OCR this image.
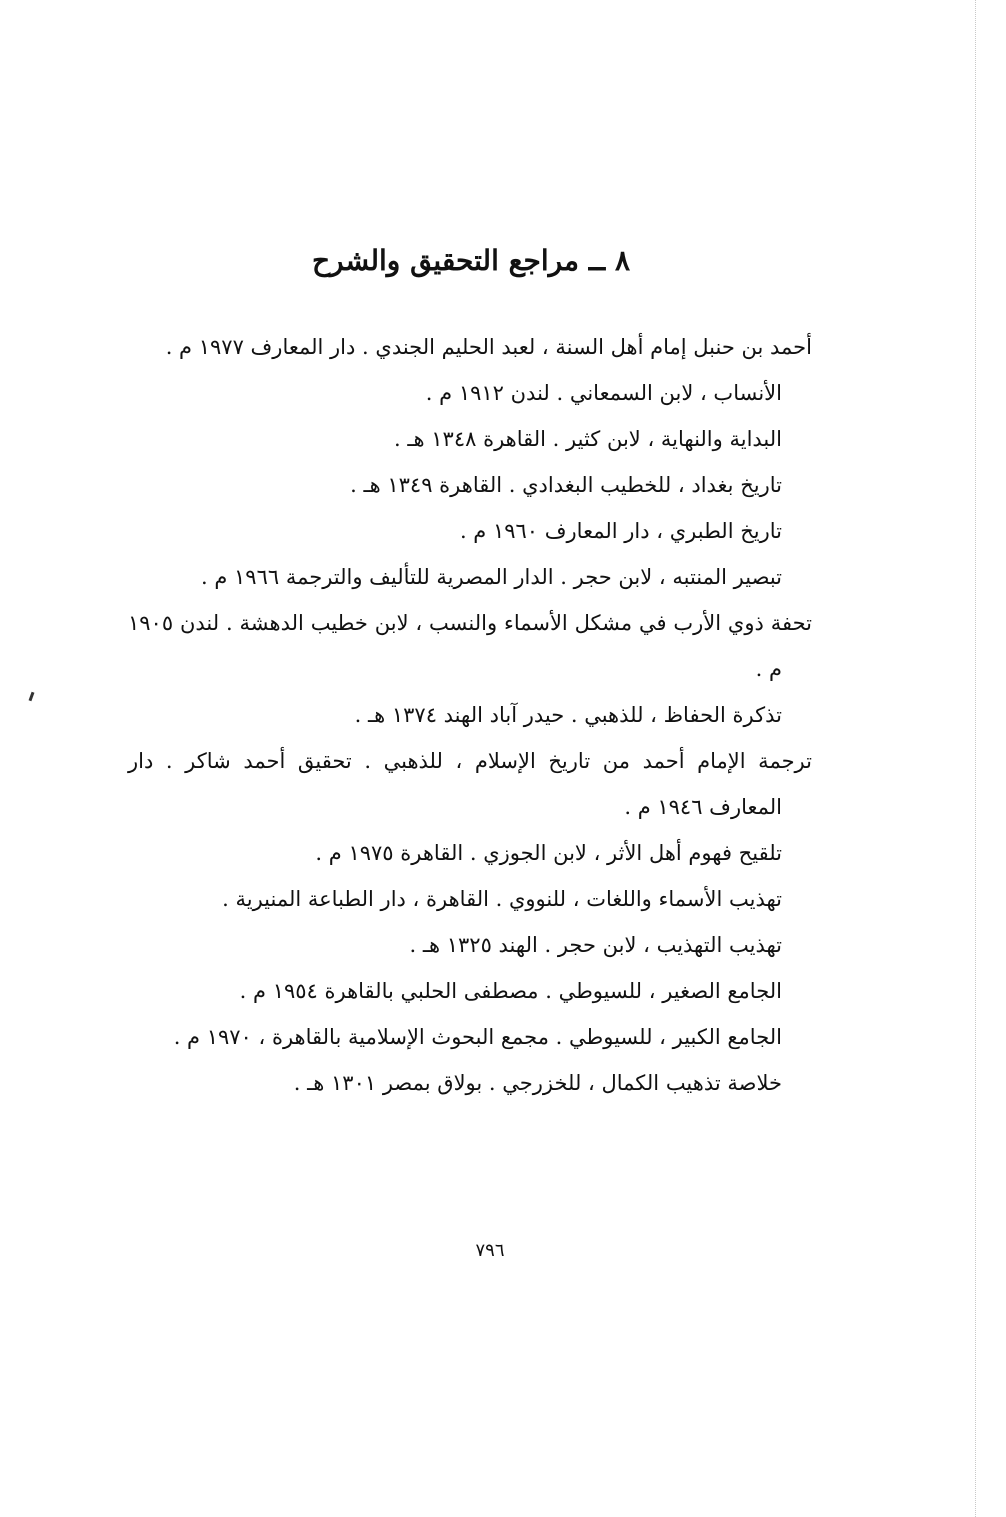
٨ ــ مراجع التحقيق والشرح

أحمد بن حنبل إمام أهل السنة ، لعبد الحليم الجندي . دار المعارف ١٩٧٧ م .

الأنساب ، لابن السمعاني . لندن ١٩١٢ م .

البداية والنهاية ، لابن كثير . القاهرة ١٣٤٨ هـ .

تاريخ بغداد ، للخطيب البغدادي . القاهرة ١٣٤٩ هـ .

تاريخ الطبري ، دار المعارف ١٩٦٠ م .

تبصير المنتبه ، لابن حجر . الدار المصرية للتأليف والترجمة ١٩٦٦ م .

تحفة ذوي الأرب في مشكل الأسماء والنسب ، لابن خطيب الدهشة . لندن ١٩٠٥ م .

تذكرة الحفاظ ، للذهبي . حيدر آباد الهند ١٣٧٤ هـ .

ترجمة الإمام أحمد من تاريخ الإسلام ، للذهبي . تحقيق أحمد شاكر . دار المعارف ١٩٤٦ م .

تلقيح فهوم أهل الأثر ، لابن الجوزي . القاهرة ١٩٧٥ م .

تهذيب الأسماء واللغات ، للنووي . القاهرة ، دار الطباعة المنيرية .

تهذيب التهذيب ، لابن حجر . الهند ١٣٢٥ هـ .

الجامع الصغير ، للسيوطي . مصطفى الحلبي بالقاهرة ١٩٥٤ م .

الجامع الكبير ، للسيوطي . مجمع البحوث الإسلامية بالقاهرة ، ١٩٧٠ م .

خلاصة تذهيب الكمال ، للخزرجي . بولاق بمصر ١٣٠١ هـ .

٧٩٦
